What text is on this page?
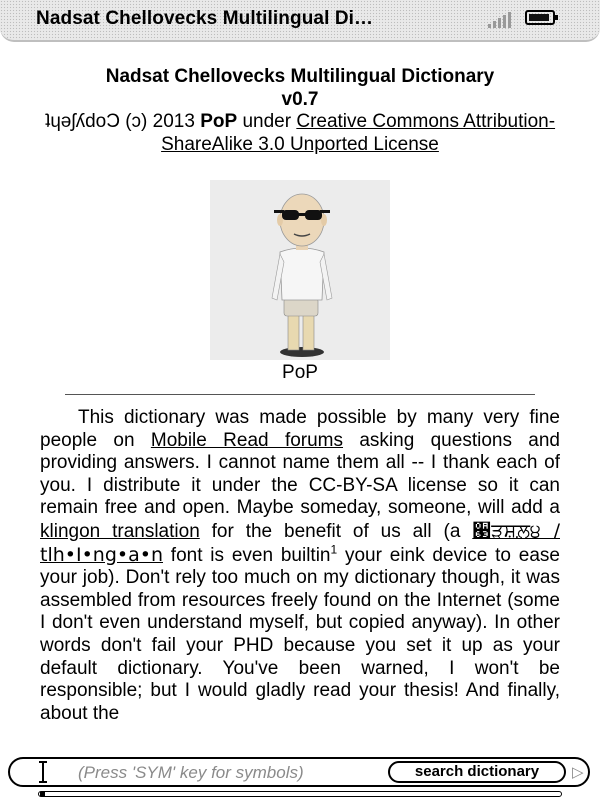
Nadsat Chellovecks Multilingual Di…
Nadsat Chellovecks Multilingual Dictionary
v0.7
ʇɥǝʃʎdoƆ (ɔ) 2013 PoP under Creative Commons Attribution-ShareAlike 3.0 Unported License
PoP
This dictionary was made possible by many very fine people on Mobile Read forums asking questions and providing answers. I cannot name them all -- I thank each of you. I distribute it under the CC-BY-SA license so it can remain free and open. Maybe someday, someone, will add a klingon translation for the benefit of us all (a ੣ੜਸ਼ਲ਼੪ / tlh•I•ng•a•n font is even builtin$^1$ your eink device to ease your job). Don't rely too much on my dictionary though, it was assembled from resources freely found on the Internet (some I don't even understand myself, but copied anyway). In other words don't fail your PHD because you set it up as your default dictionary. You've been warned, I won't be responsible; but I would gladly read your thesis! And finally, about the
(Press 'SYM' key for symbols)	search dictionary	▷
